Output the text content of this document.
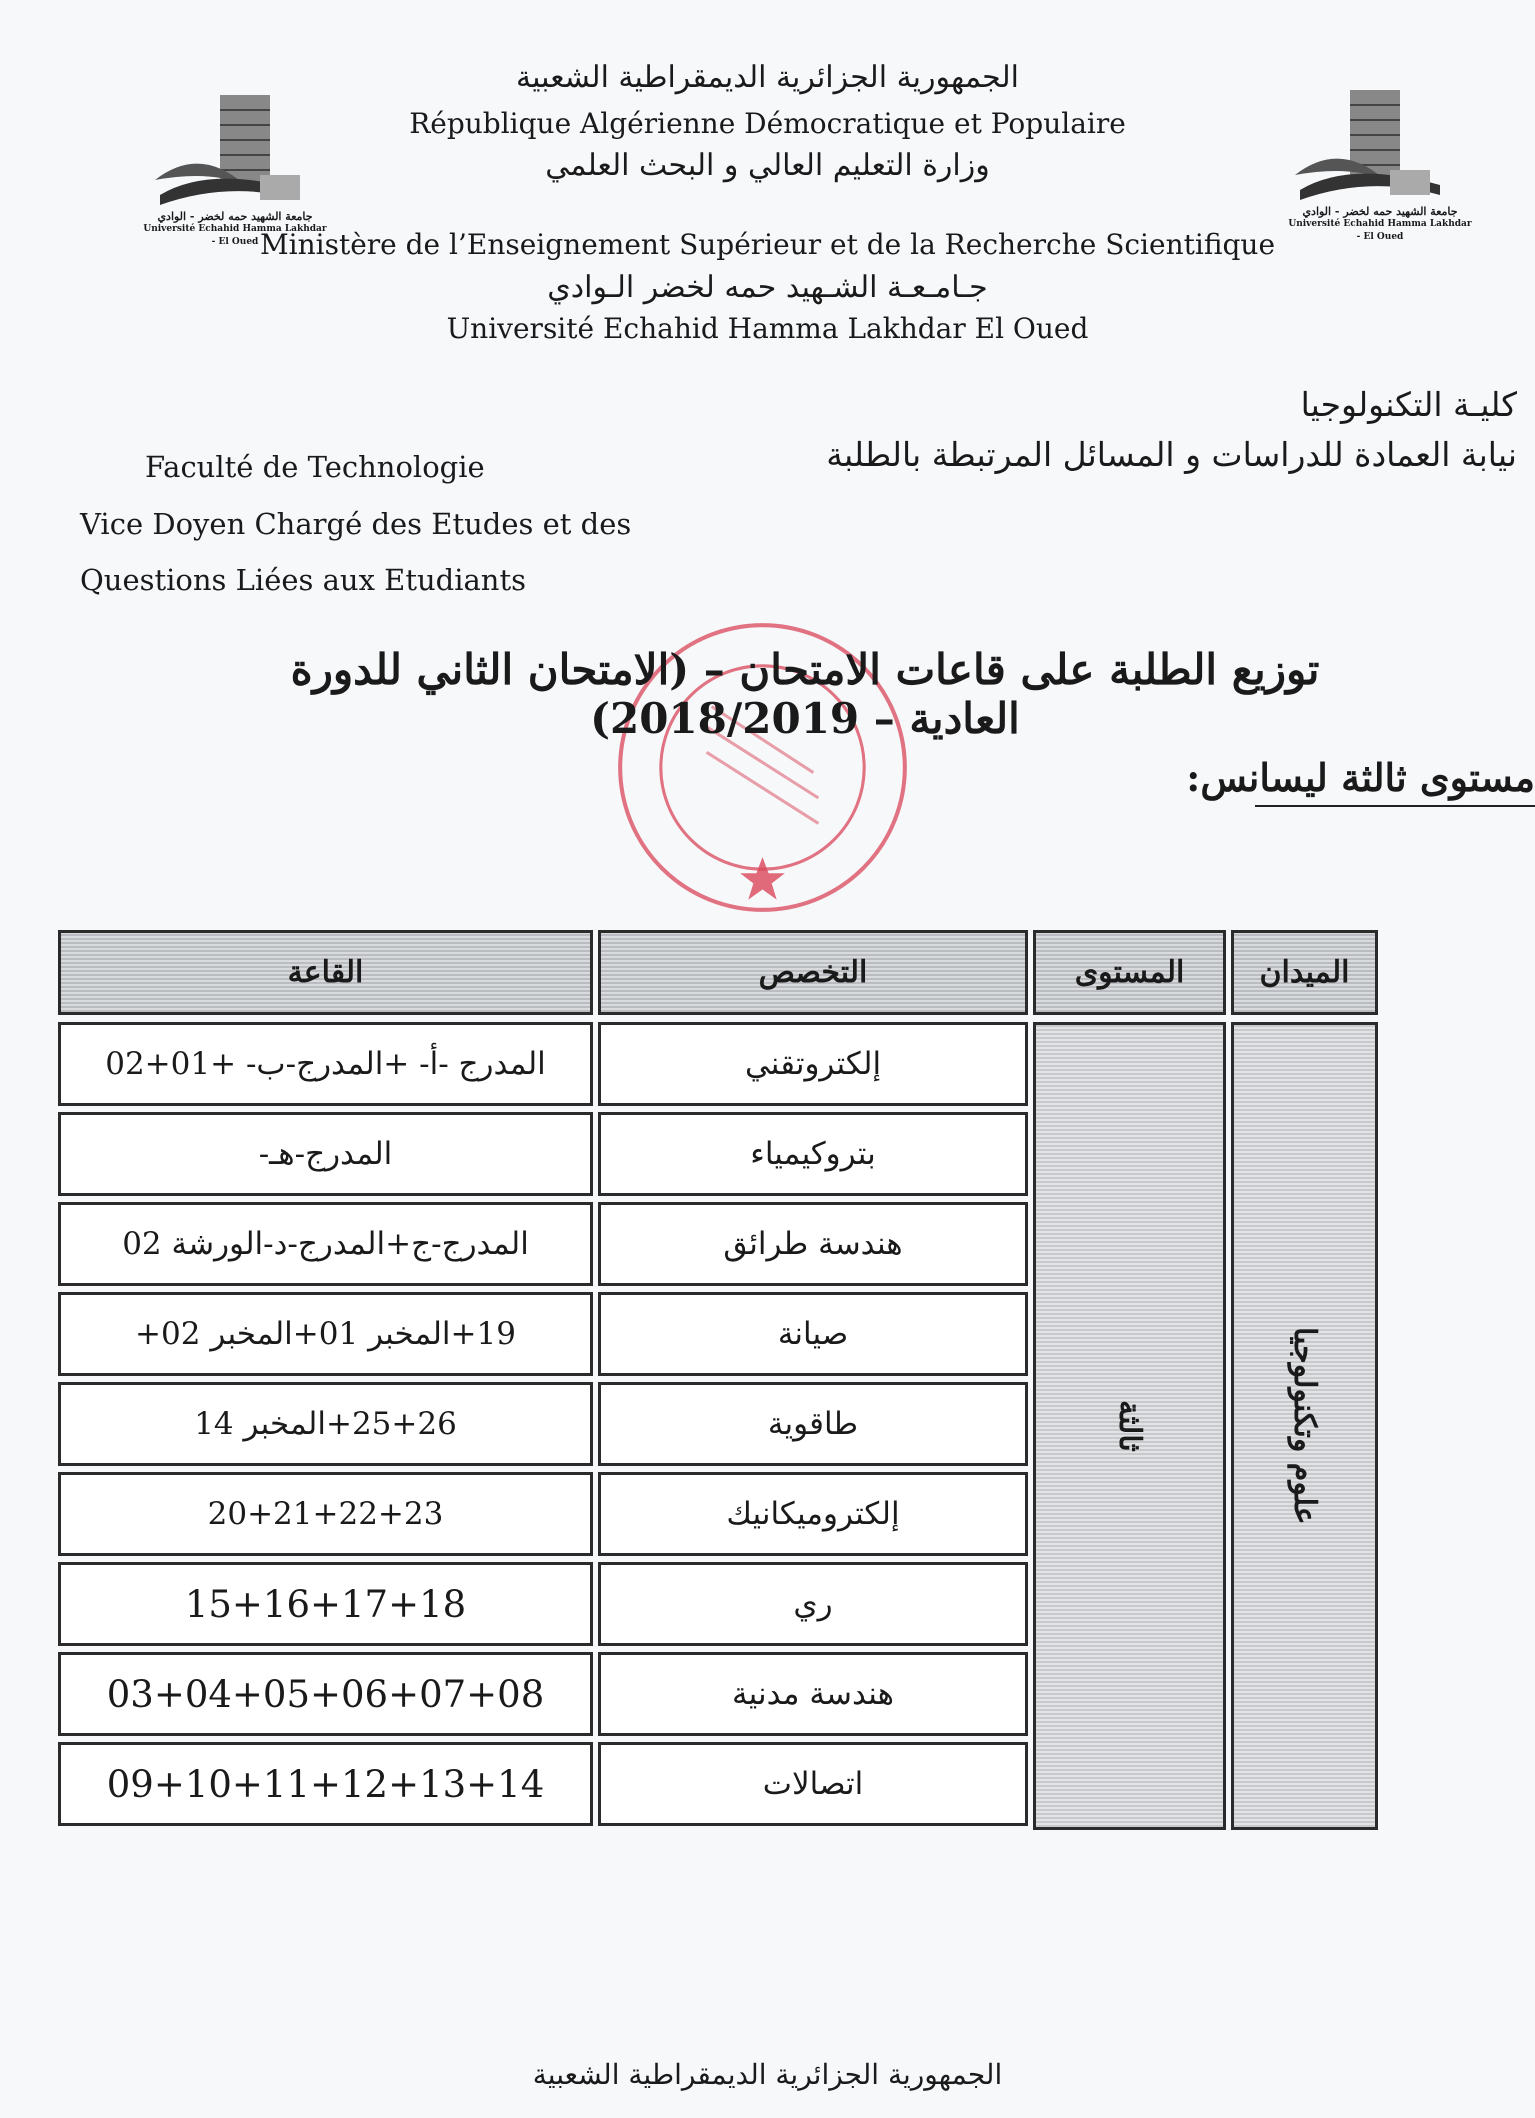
جامعة الشهيد حمه لخضر - الوادي
Université Echahid Hamma Lakhdar - El Oued
جامعة الشهيد حمه لخضر - الوادي
Université Echahid Hamma Lakhdar - El Oued
الجمهورية الجزائرية الديمقراطية الشعبية
République Algérienne Démocratique et Populaire
وزارة التعليم العالي و البحث العلمي
Ministère de l’Enseignement Supérieur et de la Recherche Scientifique
جـامـعـة الشـهيد حمه لخضر الـوادي
Université Echahid Hamma Lakhdar El Oued
كليـة التكنولوجيا
نيابة العمادة للدراسات و المسائل المرتبطة بالطلبة
Faculté de Technologie
Vice Doyen Chargé des Etudes et des
Questions Liées aux Etudiants
توزيع الطلبة على قاعات الامتحان – (الامتحان الثاني للدورة العادية – 2018/2019)
مستوى ثالثة ليسانس:
القاعة	التخصص	المستوى	الميدان
ثالثة	علوم وتكنولوجيا
المدرج -أ- +المدرج-ب- +01+02	إلكتروتقني
المدرج-هـ-	بتروكيمياء
المدرج-ج+المدرج-د-الورشة 02	هندسة طرائق
19+المخبر 01+المخبر 02+	صيانة
25+26+المخبر 14	طاقوية
20+21+22+23	إلكتروميكانيك
15+16+17+18	ري
03+04+05+06+07+08	هندسة مدنية
09+10+11+12+13+14	اتصالات
الجمهورية الجزائرية الديمقراطية الشعبية
